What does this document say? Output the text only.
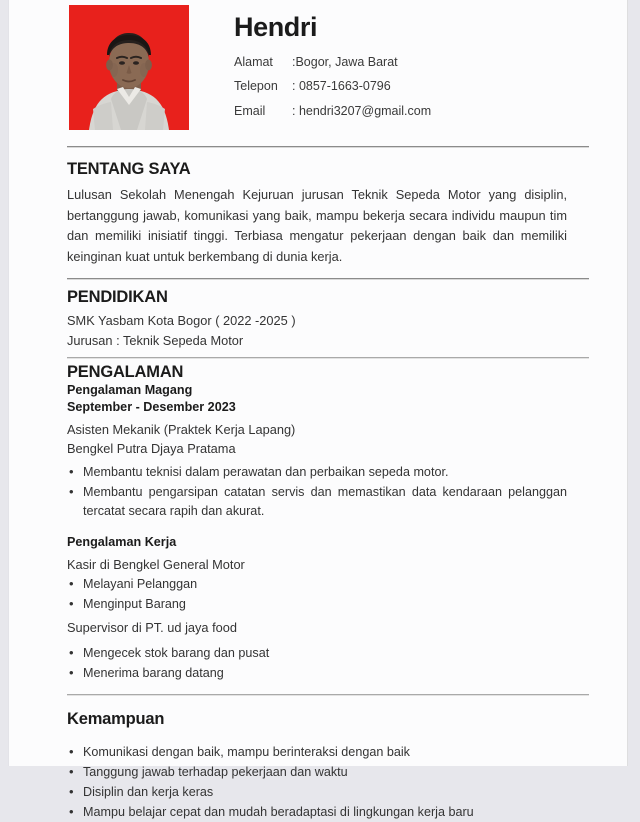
Hendri
Alamat	:Bogor, Jawa Barat
Telepon	: 0857-1663-0796
Email	: hendri3207@gmail.com
TENTANG SAYA
Lulusan Sekolah Menengah Kejuruan jurusan Teknik Sepeda Motor yang disiplin, bertanggung jawab, komunikasi yang baik, mampu bekerja secara individu maupun tim dan memiliki inisiatif tinggi. Terbiasa mengatur pekerjaan dengan baik dan memiliki keinginan kuat untuk berkembang di dunia kerja.
PENDIDIKAN
SMK Yasbam Kota Bogor ( 2022 -2025 )
Jurusan : Teknik Sepeda Motor
PENGALAMAN
Pengalaman Magang
September - Desember 2023
Asisten Mekanik (Praktek Kerja Lapang)
Bengkel Putra Djaya Pratama
• Membantu teknisi dalam perawatan dan perbaikan sepeda motor.
• Membantu pengarsipan catatan servis dan memastikan data kendaraan pelanggan tercatat secara rapih dan akurat.
Pengalaman Kerja
Kasir di Bengkel General Motor
• Melayani Pelanggan
• Menginput Barang
Supervisor di PT. ud jaya food
• Mengecek stok barang dan pusat
• Menerima barang datang
Kemampuan
• Komunikasi dengan baik, mampu berinteraksi dengan baik
• Tanggung jawab terhadap pekerjaan dan waktu
• Disiplin dan kerja keras
• Mampu belajar cepat dan mudah beradaptasi di lingkungan kerja baru
